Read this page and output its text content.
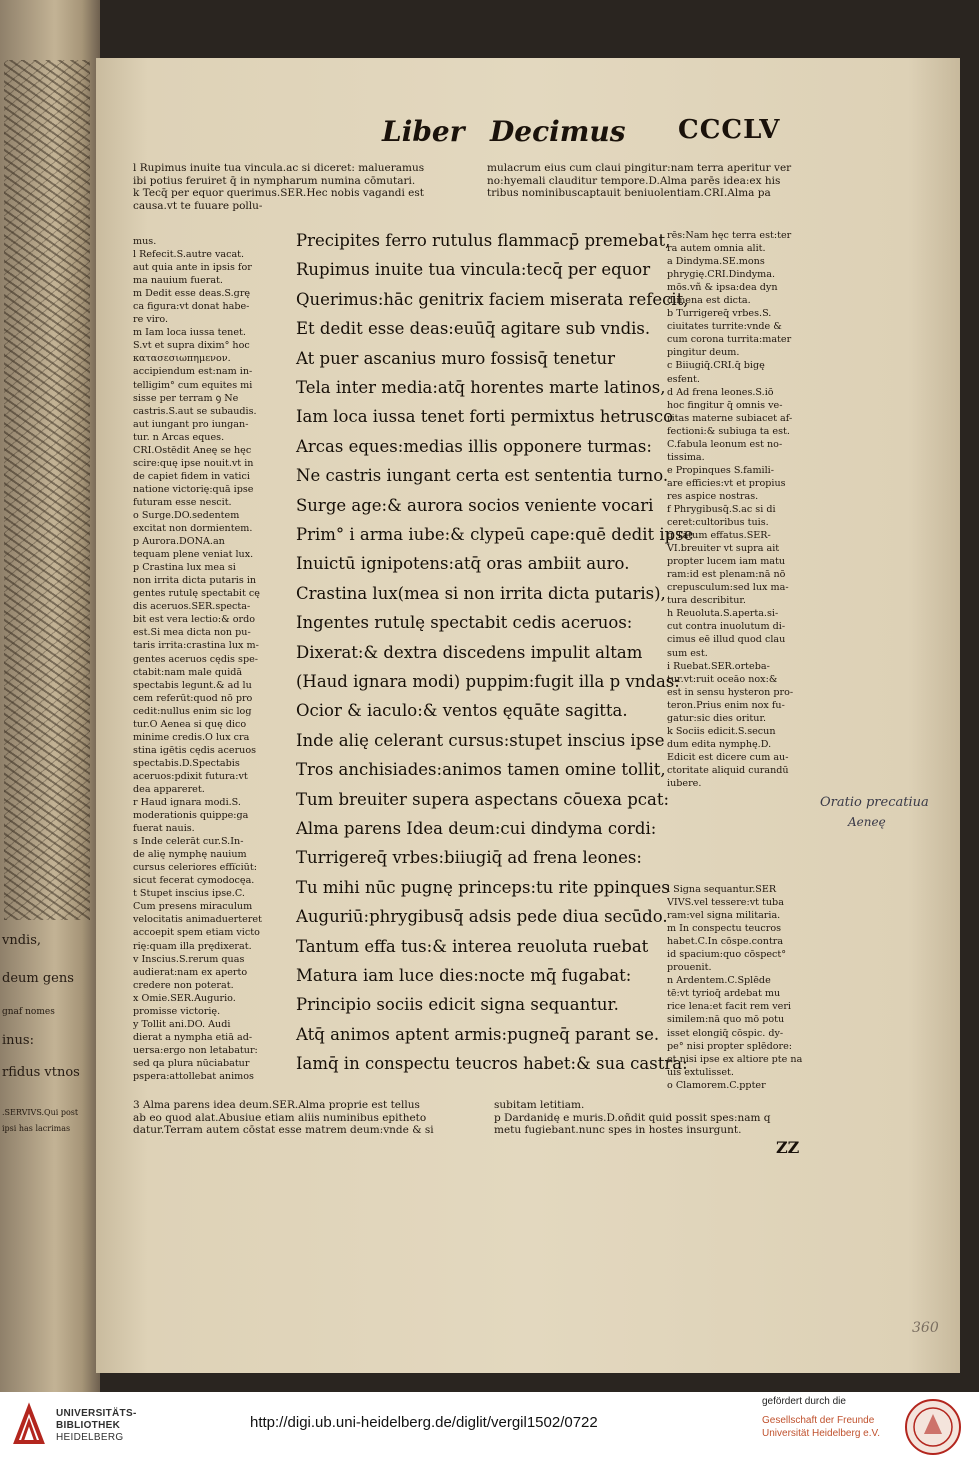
vndis,
deum gens
gnaf nomes
inus:
rfidus vtnos
.SERVIVS.Qui post
ipsi has lacrimas
Liber Decimus CCCLV
l Rupimus inuite tua vincula.ac si diceret: malueramus
ibi potius feruiret q̄ in nympharum numina cōmutari.
k Tecq̄ per equor querimus.SER.Hec nobis vagandi est
causa.vt te fuuare pollu-
mulacrum eius cum claui pingitur:nam terra aperitur ver
no:hyemali clauditur tempore.D.Alma parēs idea:ex his
tribus nominibuscaptauit beniuolentiam.CRI.Alma pa
mus.
l Refecit.S.autre vacat.
aut quia ante in ipsis for
ma nauium fuerat.
m Dedit esse deas.S.grę
ca figura:vt donat habe-
re viro.
m Iam loca iussa tenet.
S.vt et supra dixim° hoc
κατασεσιωπημενον.
accipiendum est:nam in-
telligim° cum equites mi
sisse per terram ꝯ Ne
castris.S.aut se subaudis.
aut iungant pro iungan-
tur. n Arcas eques.
CRI.Ostēdit Aneę se hęc
scire:quę ipse nouit.vt in
de capiet fidem in vatici
natione victorię:quā ipse
futuram esse nescit.
o Surge.DO.sedentem
excitat non dormientem.
p Aurora.DONA.an
tequam plene veniat lux.
p Crastina lux mea si
non irrita dicta putaris in
gentes rutulę spectabit cę
dis aceruos.SER.specta-
bit est vera lectio:& ordo
est.Si mea dicta non pu-
taris irrita:crastina lux m-
gentes aceruos cędis spe-
ctabit:nam male quidā
spectabis legunt.& ad lu
cem referūt:quod nō pro
cedit:nullus enim sic log
tur.O Aenea si quę dico
minime credis.O lux cra
stina igētis cędis aceruos
spectabis.D.Spectabis
aceruos:pdixit futura:vt
dea appareret.
r Haud ignara modi.S.
moderationis quippe:ga
fuerat nauis.
s Inde celerāt cur.S.In-
de alię nymphę nauium
cursus celeriores effi̅ciūt:
sicut fecerat cymodocęa.
t Stupet inscius ipse.C.
Cum presens miraculum
velocitatis animaduerteret
accoepit spem etiam victo
rię:quam illa prędixerat.
v Inscius.S.rerum quas
audierat:nam ex aperto
credere non poterat.
x Omie.SER.Augurio.
promisse victorię.
y Tollit ani.DO. Audi
dierat a nympha etiā ad-
uersa:ergo non letabatur:
sed qa plura nūciabatur
psperа:attollebat animos
Precipites ferro rutulus flammacp̄ premebat,
Rupimus inuite tua vincula:tecq̄ per equor
Querimus:hāc genitrix faciem miserata refecit,
Et dedit esse deas:euūq̄ agitare sub vndis.
At puer ascanius muro fossisq̄ tenetur
Tela inter media:atq̄ horentes marte latinos,
Iam loca iussa tenet forti permixtus hetrusco
Arcas eques:medias illis opponere turmas:
Ne castris iungant certa est sententia turno.
Surge age:& aurora socios veniente vocari
Prim° i arma iube:& clypeū cape:quē dedit ipse
Inuictū ignipotens:atq̄ oras ambiit auro.
Crastina lux(mea si non irrita dicta putaris),
Ingentes rutulę spectabit cedis aceruos:
Dixerat:& dextra discedens impulit altam
(Haud ignara modi) puppim:fugit illa p vndas:
Ocior & iaculo:& ventos ęquāte sagitta.
Inde alię celerant cursus:stupet inscius ipse
Tros anchisiades:animos tamen omine tollit,
Tum breuiter supera aspectans cōuexa pcat:
Alma parens Idea deum:cui dindyma cordi:
Turrigereq̄ vrbes:biiugiq̄ ad frena leones:
Tu mihi nūc pugnę princeps:tu rite ppinques
Auguriū:phrygibusq̄ adsis pede diua secūdo.
Tantum effa tus:& interea reuoluta ruebat
Matura iam luce dies:nocte mq̄ fugabat:
Principio sociis edicit signa sequantur.
Atq̄ animos aptent armis:pugneq̄ parant se.
Iamq̄ in conspectu teucros habet:& sua castra:
rēs:Nam hęc terra est:ter
ra autem omnia alit.
a Dindyma.SE.mons
phrygię.CRI.Dindyma.
mōs.vñ & ipsa:dea dyn
dimena est dicta.
b Turrigereq̄ vrbes.S.
ciuitates turrite:vnde &
cum corona turrita:mater
pingitur deum.
c Biiugiq̄.CRI.q̄ bigę
esfent.
d Ad frena leones.S.iō
hoc fingitur q̄ omnis ve-
ritas materne subiacet af-
fectioni:& subiuga ta est.
C.fabula leonum est no-
tissima.
e Propinques S.famili-
are efficies:vt et propius
res aspice nostras.
f Phrygibusq̄.S.ac si di
ceret:cultoribus tuis.
g Tātum effatus.SER-
VI.breuiter vt supra ait
propter lucem iam matu
ram:id est plenam:nā nō
crepusculum:sed lux ma-
tura describitur.
h Reuoluta.S.aperta.si-
cut contra inuolutum di-
cimus eē illud quod clau
sum est.
i Ruebat.SER.orteba-
tur.vt:ruit oceāo nox:&
est in sensu hysteron pro-
teron.Prius enim nox fu-
gatur:sic dies oritur.
k Sociis edicit.S.secun
dum edita nymphę.D.
Edicit est dicere cum au-
ctoritate aliquid curandū
iubere.
l Signa sequantur.SER
VIVS.vel tessere:vt tuba
ram:vel signa militaria.
m In conspectu teucros
habet.C.In cōspe.contra
id spacium:quo cōspect°
prouenit.
n Ardentem.C.Splēde
tē:vt tyrioq̄ ardebat mu
rice lena:et facit rem veri
similem:nā quo mō potu
isset elongiq̄ cōspic. dy-
pe° nisi propter splēdore:
et nisi ipse ex altiore pte na
uis extulisset.
o Clamorem.C.ppter
3 Alma parens idea deum.SER.Alma proprie est tellus
ab eo quod alat.Abusiue etiam aliis numinibus epitheto
datur.Terram autem cōstat esse matrem deum:vnde & si
subitam letitiam.
p Dardanidę e muris.D.oñdit quid possit spes:nam q
metu fugiebant.nunc spes in hostes insurgunt.
ZZ
Oratio precatiua
Aeneę
360
UNIVERSITÄTS-
BIBLIOTHEK
HEIDELBERG
http://digi.ub.uni-heidelberg.de/diglit/vergil1502/0722
gefördert durch die
Gesellschaft der Freunde
Universität Heidelberg e.V.
